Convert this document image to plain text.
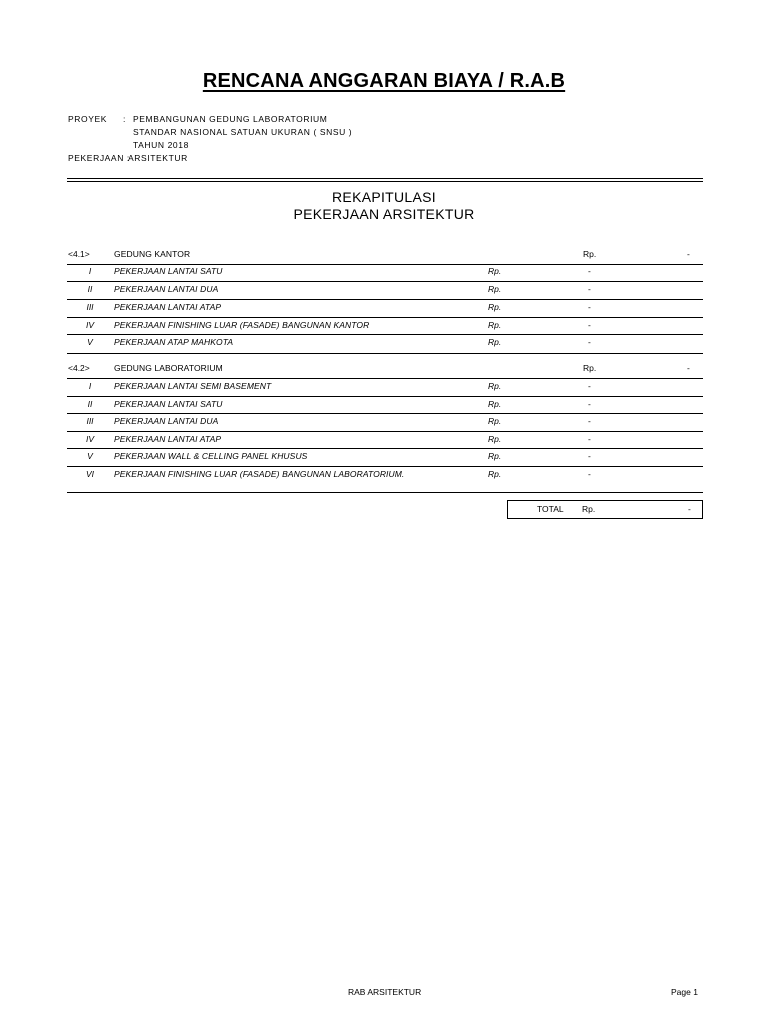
RENCANA ANGGARAN BIAYA / R.A.B
PROYEK : PEMBANGUNAN GEDUNG LABORATORIUM
STANDAR NASIONAL SATUAN UKURAN ( SNSU )
TAHUN 2018
PEKERJAAN :
ARSITEKTUR
REKAPITULASI
PEKERJAAN ARSITEKTUR
<4.1>	GEDUNG KANTOR	Rp.	-
I	PEKERJAAN LANTAI SATU	Rp.	-
II	PEKERJAAN LANTAI DUA	Rp.	-
III	PEKERJAAN LANTAI ATAP	Rp.	-
IV	PEKERJAAN FINISHING LUAR (FASADE) BANGUNAN KANTOR	Rp.	-
V	PEKERJAAN ATAP MAHKOTA	Rp.	-
<4.2>	GEDUNG LABORATORIUM	Rp.	-
I	PEKERJAAN LANTAI SEMI BASEMENT	Rp.	-
II	PEKERJAAN LANTAI SATU	Rp.	-
III	PEKERJAAN LANTAI DUA	Rp.	-
IV	PEKERJAAN LANTAI ATAP	Rp.	-
V	PEKERJAAN WALL & CELLING PANEL KHUSUS	Rp.	-
VI	PEKERJAAN FINISHING LUAR (FASADE) BANGUNAN LABORATORIUM.	Rp.	-
TOTAL Rp.	-
RAB ARSITEKTUR	Page 1
